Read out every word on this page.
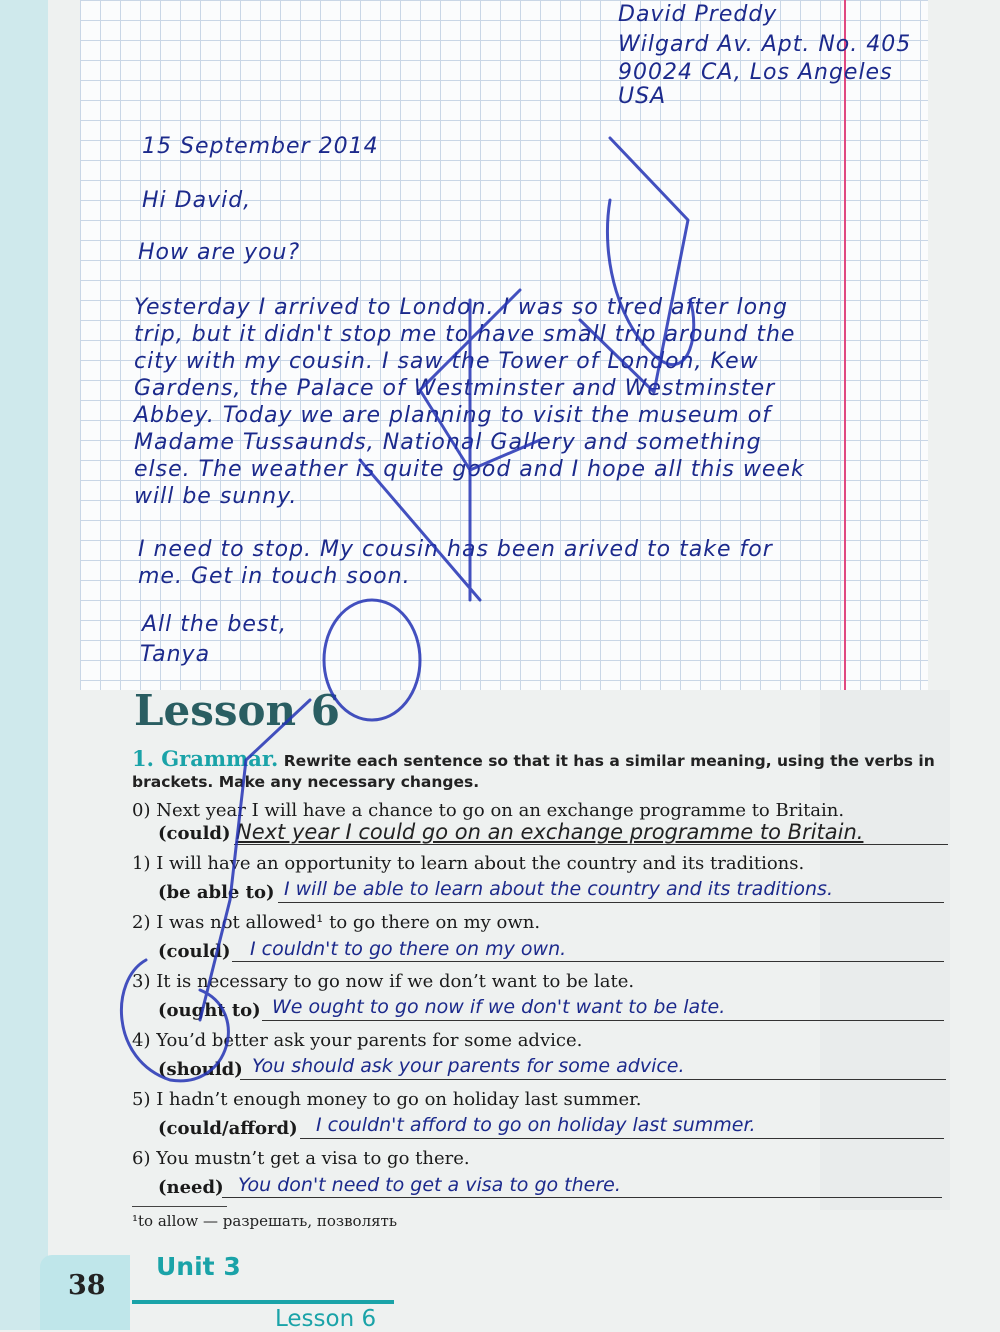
David Preddy
Wilgard Av. Apt. No. 405
90024 CA, Los Angeles
USA
15 September 2014
Hi David,
How are you?
Yesterday I arrived to London. I was so tired after long trip, but it didn't stop me to have small trip around the city with my cousin. I saw the Tower of London, Kew Gardens, the Palace of Westminster and Westminster Abbey. Today we are planning to visit the museum of Madame Tussaunds, National Gallery and something else. The weather is quite good and I hope all this week will be sunny.
I need to stop. My cousin has been arived to take for me. Get in touch soon.
All the best,
Tanya
Lesson 6
1. Grammar. Rewrite each sentence so that it has a similar meaning, using the verbs in brackets. Make any necessary changes.
0) Next year I will have a chance to go on an exchange programme to Britain.
(could) Next year I could go on an exchange programme to Britain.
1) I will have an opportunity to learn about the country and its traditions.
(be able to) I will be able to learn about the country and its traditions.
2) I was not allowed¹ to go there on my own.
(could) I couldn't to go there on my own.
3) It is necessary to go now if we don’t want to be late.
(ought to) We ought to go now if we don't want to be late.
4) You’d better ask your parents for some advice.
(should) You should ask your parents for some advice.
5) I hadn’t enough money to go on holiday last summer.
(could/afford) I couldn't afford to go on holiday last summer.
6) You mustn’t get a visa to go there.
(need) You don't need to get a visa to go there.
¹to allow — разрешать, позволять
38
Unit 3
Lesson 6
